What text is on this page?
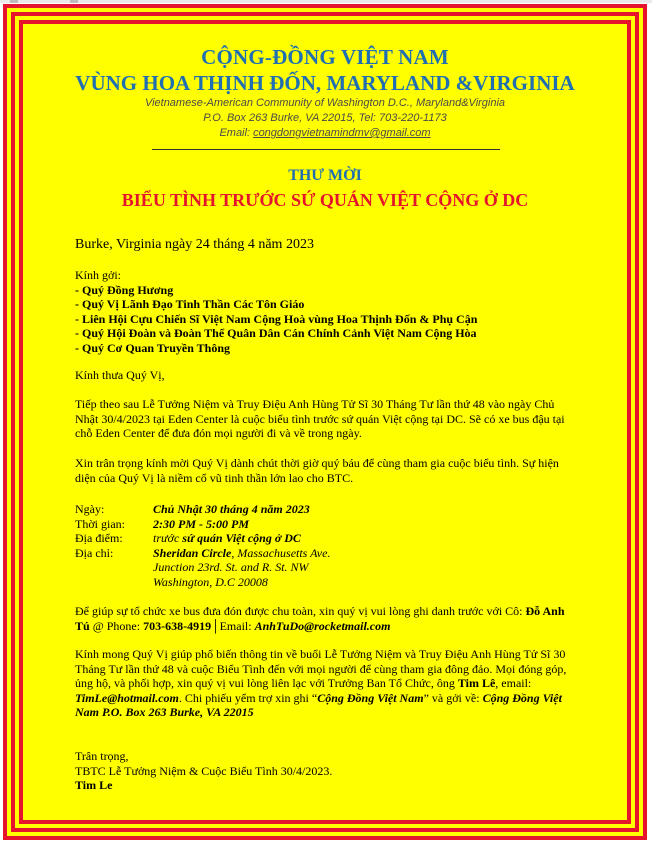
CỘNG-ĐỒNG VIỆT NAM
VÙNG HOA THỊNH ĐỐN, MARYLAND &VIRGINIA
Vietnamese-American Community of Washington D.C., Maryland&Virginia
P.O. Box 263 Burke, VA 22015, Tel: 703-220-1173
Email: congdongvietnamindmv@gmail.com
THƯ MỜI
BIỂU TÌNH TRƯỚC SỨ QUÁN VIỆT CỘNG Ở DC
Burke, Virginia ngày 24 tháng 4 năm 2023
Kính gởi:
- Quý Đồng Hương
- Quý Vị Lãnh Đạo Tinh Thần Các Tôn Giáo
- Liên Hội Cựu Chiến Sĩ Việt Nam Cộng Hoà vùng Hoa Thịnh Đốn & Phụ Cận
- Quý Hội Đoàn và Đoàn Thể Quân Dân Cán Chính Cảnh Việt Nam Cộng Hòa
- Quý Cơ Quan Truyền Thông
Kính thưa Quý Vị,
Tiếp theo sau Lễ Tưởng Niệm và Truy Điệu Anh Hùng Tử Sĩ 30 Tháng Tư lần thứ 48 vào ngày Chủ
Nhật 30/4/2023 tại Eden Center là cuộc biểu tình trước sứ quán Việt cộng tại DC. Sẽ có xe bus đậu tại
chỗ Eden Center để đưa đón mọi người đi và về trong ngày.
Xin trân trọng kính mời Quý Vị dành chút thời giờ quý báu để cùng tham gia cuộc biểu tình. Sự hiện
diện của Quý Vị là niềm cổ vũ tinh thần lớn lao cho BTC.
Ngày:	Chủ Nhật 30 tháng 4 năm 2023
Thời gian:	2:30 PM - 5:00 PM
Địa điểm:	trước sứ quán Việt cộng ở DC
Địa chỉ:	Sheridan Circle, Massachusetts Ave.
Junction 23rd. St. and R. St. NW
Washington, D.C 20008
Để giúp sự tổ chức xe bus đưa đón được chu toàn, xin quý vị vui lòng ghi danh trước với Cô: Đỗ Anh
Tú @ Phone: 703-638-4919│Email: AnhTuDo@rocketmail.com
Kính mong Quý Vị giúp phổ biến thông tin về buổi Lễ Tưởng Niệm và Truy Điệu Anh Hùng Tử Sĩ 30
Tháng Tư lần thứ 48 và cuộc Biểu Tình đến với mọi người để cùng tham gia đông đảo. Mọi đóng góp,
ủng hộ, và phối hợp, xin quý vị vui lòng liên lạc với Trưởng Ban Tổ Chức, ông Tim Lê, email:
TimLe@hotmail.com. Chi phiếu yểm trợ xin ghi “Cộng Đồng Việt Nam” và gởi về: Cộng Đồng Việt
Nam P.O. Box 263 Burke, VA 22015
Trân trọng,
TBTC Lễ Tưởng Niệm & Cuộc Biểu Tình 30/4/2023.
Tim Le
